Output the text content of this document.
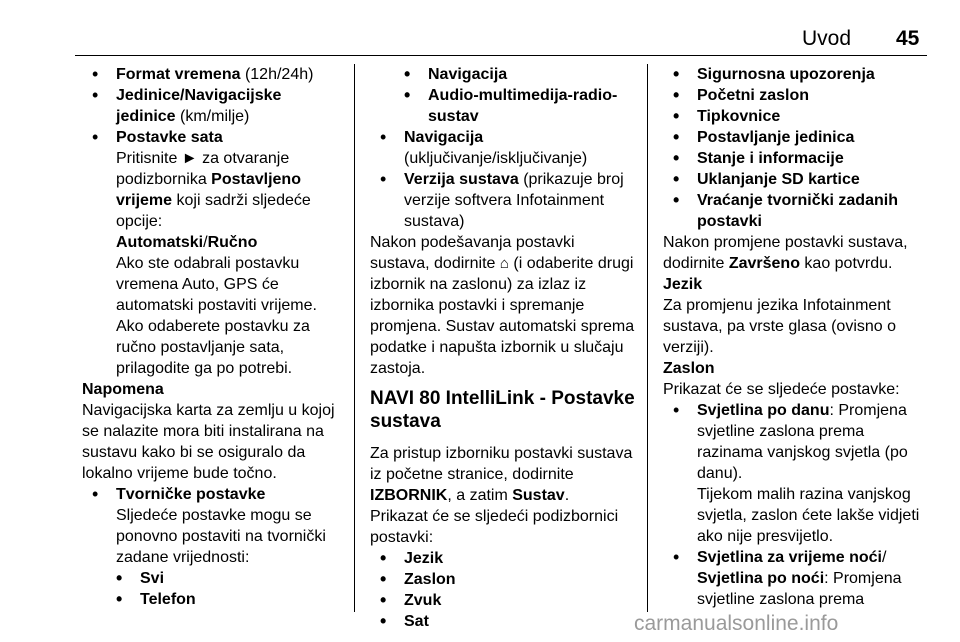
Uvod 45

• Format vremena (12h/24h)

• Jedinice/Navigacijske jedinice (km/milje)

• Postavke sata

Pritisnite ► za otvaranje podizbornika Postavljeno vrijeme koji sadrži sljedeće opcije:

Automatski/Ručno

Ako ste odabrali postavku vremena Auto, GPS će automatski postaviti vrijeme.

Ako odaberete postavku za ručno postavljanje sata, prilagodite ga po potrebi.

Napomena

Navigacijska karta za zemlju u kojoj se nalazite mora biti instalirana na sustavu kako bi se osiguralo da lokalno vrijeme bude točno.

• Tvorničke postavke

Sljedeće postavke mogu se ponovno postaviti na tvornički zadane vrijednosti:

• Svi

• Telefon

• Navigacija

• Audio-multimedija-radio-sustav

• Navigacija (uključivanje/isključivanje)

• Verzija sustava (prikazuje broj verzije softvera Infotainment sustava)

Nakon podešavanja postavki sustava, dodirnite ⌂ (i odaberite drugi izbornik na zaslonu) za izlaz iz izbornika postavki i spremanje promjena. Sustav automatski sprema podatke i napušta izbornik u slučaju zastoja.

NAVI 80 IntelliLink - Postavke sustava

Za pristup izborniku postavki sustava iz početne stranice, dodirnite IZBORNIK, a zatim Sustav.

Prikazat će se sljedeći podizbornici postavki:

• Jezik

• Zaslon

• Zvuk

• Sat

• Sigurnosna upozorenja

• Početni zaslon

• Tipkovnice

• Postavljanje jedinica

• Stanje i informacije

• Uklanjanje SD kartice

• Vraćanje tvornički zadanih postavki

Nakon promjene postavki sustava, dodirnite Završeno kao potvrdu.

Jezik

Za promjenu jezika Infotainment sustava, pa vrste glasa (ovisno o verziji).

Zaslon

Prikazat će se sljedeće postavke:

• Svjetlina po danu: Promjena svjetline zaslona prema razinama vanjskog svjetla (po danu).

Tijekom malih razina vanjskog svjetla, zaslon ćete lakše vidjeti ako nije presvijetlo.

• Svjetlina za vrijeme noći/ Svjetlina po noći: Promjena svjetline zaslona prema

carmanualsonline.info
